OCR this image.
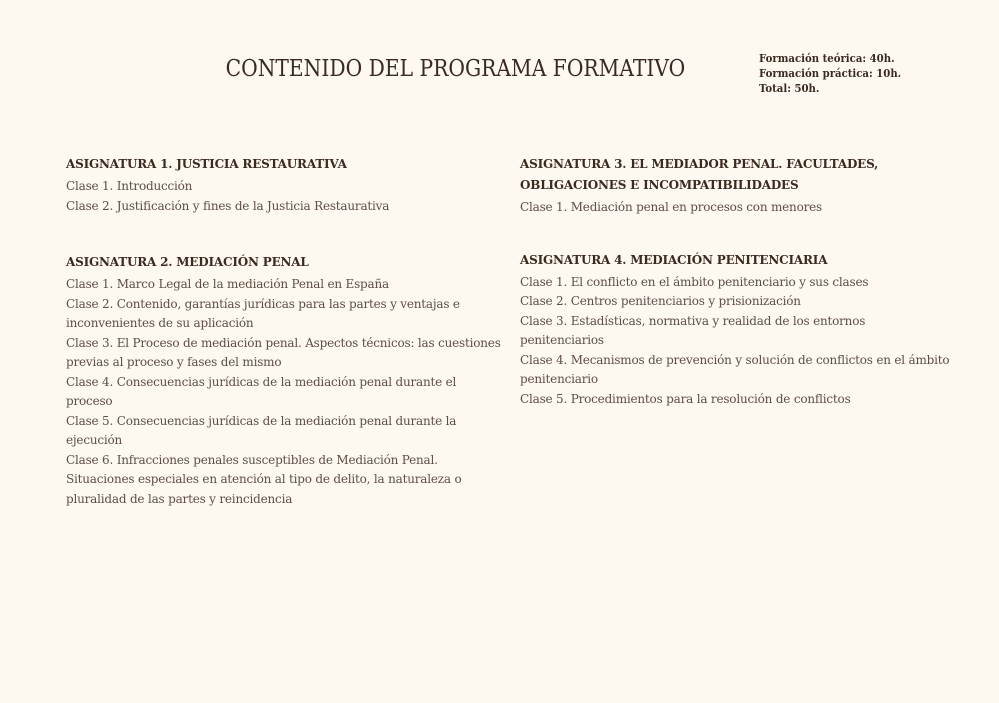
CONTENIDO DEL PROGRAMA FORMATIVO	Formación teórica: 40h.
Formación práctica: 10h.
Total: 50h.
ASIGNATURA 1. JUSTICIA RESTAURATIVA
Clase 1. Introducción
Clase 2. Justificación y fines de la Justicia Restaurativa
ASIGNATURA 2. MEDIACIÓN PENAL
Clase 1. Marco Legal de la mediación Penal en España
Clase 2. Contenido, garantías jurídicas para las partes y ventajas e inconvenientes de su aplicación
Clase 3. El Proceso de mediación penal. Aspectos técnicos: las cuestiones previas al proceso y fases del mismo
Clase 4. Consecuencias jurídicas de la mediación penal durante el proceso
Clase 5. Consecuencias jurídicas de la mediación penal durante la ejecución
Clase 6. Infracciones penales susceptibles de Mediación Penal. Situaciones especiales en atención al tipo de delito, la naturaleza o pluralidad de las partes y reincidencia
ASIGNATURA 3. EL MEDIADOR PENAL. FACULTADES, OBLIGACIONES E INCOMPATIBILIDADES
Clase 1. Mediación penal en procesos con menores
ASIGNATURA 4. MEDIACIÓN PENITENCIARIA
Clase 1. El conflicto en el ámbito penitenciario y sus clases
Clase 2. Centros penitenciarios y prisionización
Clase 3. Estadísticas, normativa y realidad de los entornos penitenciarios
Clase 4. Mecanismos de prevención y solución de conflictos en el ámbito penitenciario
Clase 5. Procedimientos para la resolución de conflictos
